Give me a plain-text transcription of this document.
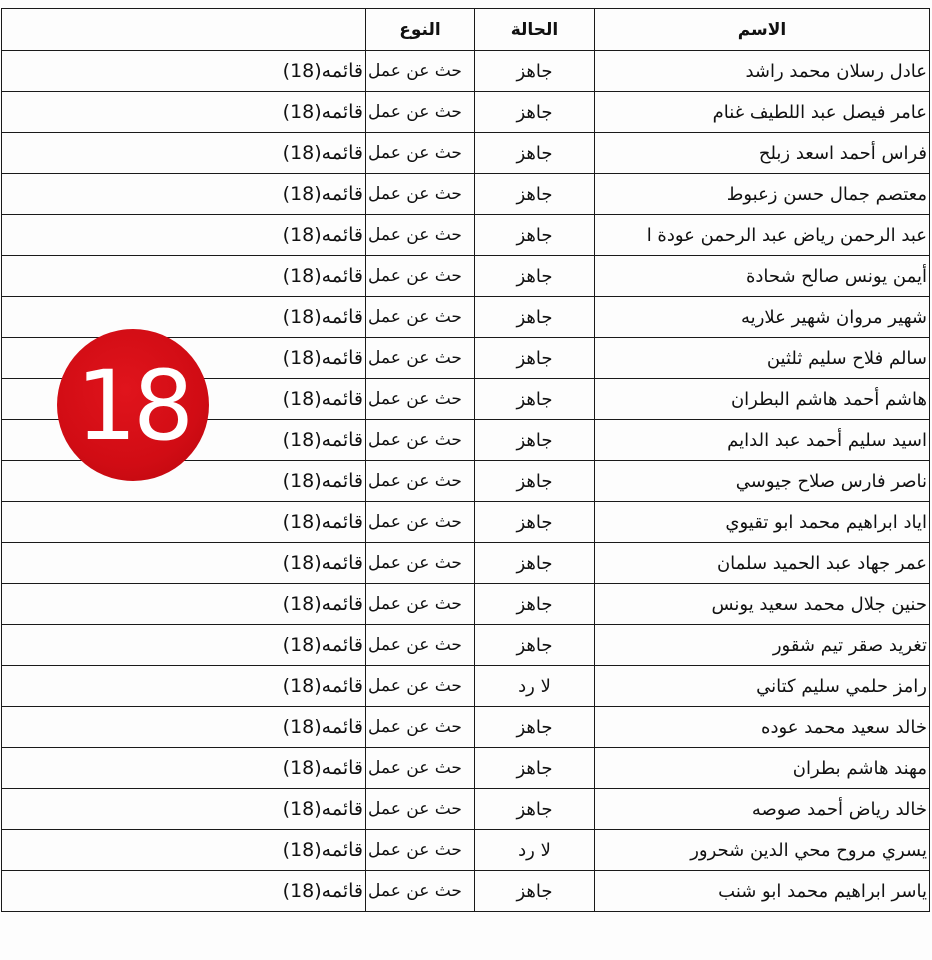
	النوع	الحالة	الاسم
قائمه(18)	حث عن عمل	جاهز	عادل رسلان محمد راشد
قائمه(18)	حث عن عمل	جاهز	عامر فيصل عبد اللطيف غنام
قائمه(18)	حث عن عمل	جاهز	فراس أحمد اسعد زبلح
قائمه(18)	حث عن عمل	جاهز	معتصم جمال حسن زعبوط
قائمه(18)	حث عن عمل	جاهز	عبد الرحمن رياض عبد الرحمن عودة ا
قائمه(18)	حث عن عمل	جاهز	أيمن يونس صالح شحادة
قائمه(18)	حث عن عمل	جاهز	شهير مروان شهير علاريه
قائمه(18)	حث عن عمل	جاهز	سالم فلاح سليم ثلثين
قائمه(18)	حث عن عمل	جاهز	هاشم أحمد هاشم البطران
قائمه(18)	حث عن عمل	جاهز	اسيد سليم أحمد عبد الدايم
قائمه(18)	حث عن عمل	جاهز	ناصر فارس صلاح جيوسي
قائمه(18)	حث عن عمل	جاهز	اياد ابراهيم محمد ابو تقيوي
قائمه(18)	حث عن عمل	جاهز	عمر جهاد عبد الحميد سلمان
قائمه(18)	حث عن عمل	جاهز	حنين جلال محمد سعيد يونس
قائمه(18)	حث عن عمل	جاهز	تغريد صقر تيم شقور
قائمه(18)	حث عن عمل	لا رد	رامز حلمي سليم كتاني
قائمه(18)	حث عن عمل	جاهز	خالد سعيد محمد عوده
قائمه(18)	حث عن عمل	جاهز	مهند هاشم بطران
قائمه(18)	حث عن عمل	جاهز	خالد رياض أحمد صوصه
قائمه(18)	حث عن عمل	لا رد	يسري مروح محي الدين شحرور
قائمه(18)	حث عن عمل	جاهز	ياسر ابراهيم محمد ابو شنب
18
